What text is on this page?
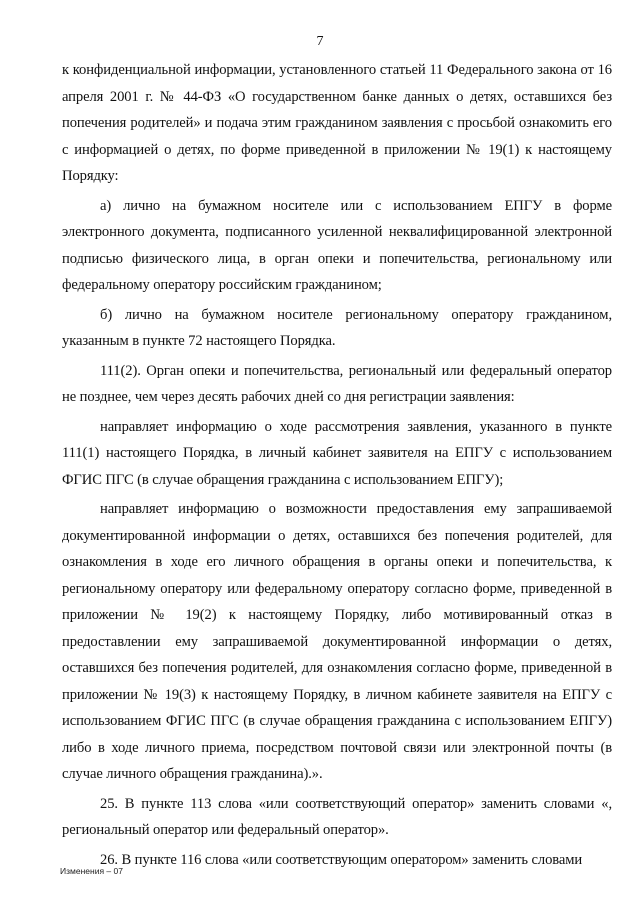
7

к конфиденциальной информации, установленного статьей 11 Федерального закона от 16 апреля 2001 г. № 44-ФЗ «О государственном банке данных о детях, оставшихся без попечения родителей» и подача этим гражданином заявления с просьбой ознакомить его с информацией о детях, по форме приведенной в приложении № 19(1) к настоящему Порядку:

а) лично на бумажном носителе или с использованием ЕПГУ в форме электронного документа, подписанного усиленной неквалифицированной электронной подписью физического лица, в орган опеки и попечительства, региональному или федеральному оператору российским гражданином;

б) лично на бумажном носителе региональному оператору гражданином, указанным в пункте 72 настоящего Порядка.

111(2). Орган опеки и попечительства, региональный или федеральный оператор не позднее, чем через десять рабочих дней со дня регистрации заявления:

направляет информацию о ходе рассмотрения заявления, указанного в пункте 111(1) настоящего Порядка, в личный кабинет заявителя на ЕПГУ с использованием ФГИС ПГС (в случае обращения гражданина с использованием ЕПГУ);

направляет информацию о возможности предоставления ему запрашиваемой документированной информации о детях, оставшихся без попечения родителей, для ознакомления в ходе его личного обращения в органы опеки и попечительства, к региональному оператору или федеральному оператору согласно форме, приведенной в приложении № 19(2) к настоящему Порядку, либо мотивированный отказ в предоставлении ему запрашиваемой документированной информации о детях, оставшихся без попечения родителей, для ознакомления согласно форме, приведенной в приложении № 19(3) к настоящему Порядку, в личном кабинете заявителя на ЕПГУ с использованием ФГИС ПГС (в случае обращения гражданина с использованием ЕПГУ) либо в ходе личного приема, посредством почтовой связи или электронной почты (в случае личного обращения гражданина).».

25. В пункте 113 слова «или соответствующий оператор» заменить словами «, региональный оператор или федеральный оператор».

26. В пункте 116 слова «или соответствующим оператором» заменить словами

Изменения – 07
